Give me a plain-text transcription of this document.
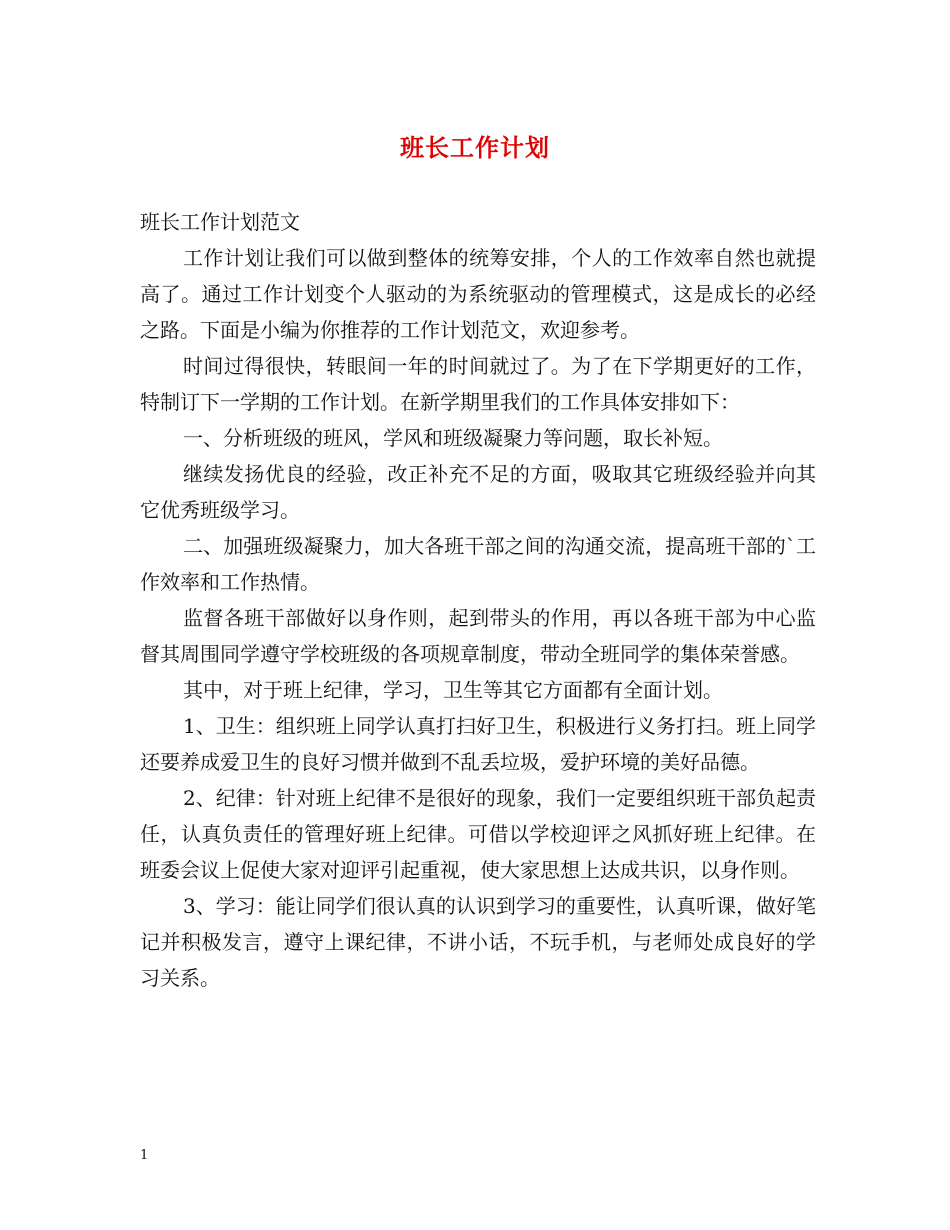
班长工作计划

班长工作计划范文

工作计划让我们可以做到整体的统筹安排，个人的工作效率自然也就提高了。通过工作计划变个人驱动的为系统驱动的管理模式，这是成长的必经之路。下面是小编为你推荐的工作计划范文，欢迎参考。

时间过得很快，转眼间一年的时间就过了。为了在下学期更好的工作，特制订下一学期的工作计划。在新学期里我们的工作具体安排如下：

一、分析班级的班风，学风和班级凝聚力等问题，取长补短。

继续发扬优良的经验，改正补充不足的方面，吸取其它班级经验并向其它优秀班级学习。

二、加强班级凝聚力，加大各班干部之间的沟通交流，提高班干部的`工作效率和工作热情。

监督各班干部做好以身作则，起到带头的作用，再以各班干部为中心监督其周围同学遵守学校班级的各项规章制度，带动全班同学的集体荣誉感。

其中，对于班上纪律，学习，卫生等其它方面都有全面计划。

1、卫生：组织班上同学认真打扫好卫生，积极进行义务打扫。班上同学还要养成爱卫生的良好习惯并做到不乱丢垃圾，爱护环境的美好品德。

2、纪律：针对班上纪律不是很好的现象，我们一定要组织班干部负起责任，认真负责任的管理好班上纪律。可借以学校迎评之风抓好班上纪律。在班委会议上促使大家对迎评引起重视，使大家思想上达成共识，以身作则。

3、学习：能让同学们很认真的认识到学习的重要性，认真听课，做好笔记并积极发言，遵守上课纪律，不讲小话，不玩手机，与老师处成良好的学习关系。

1
